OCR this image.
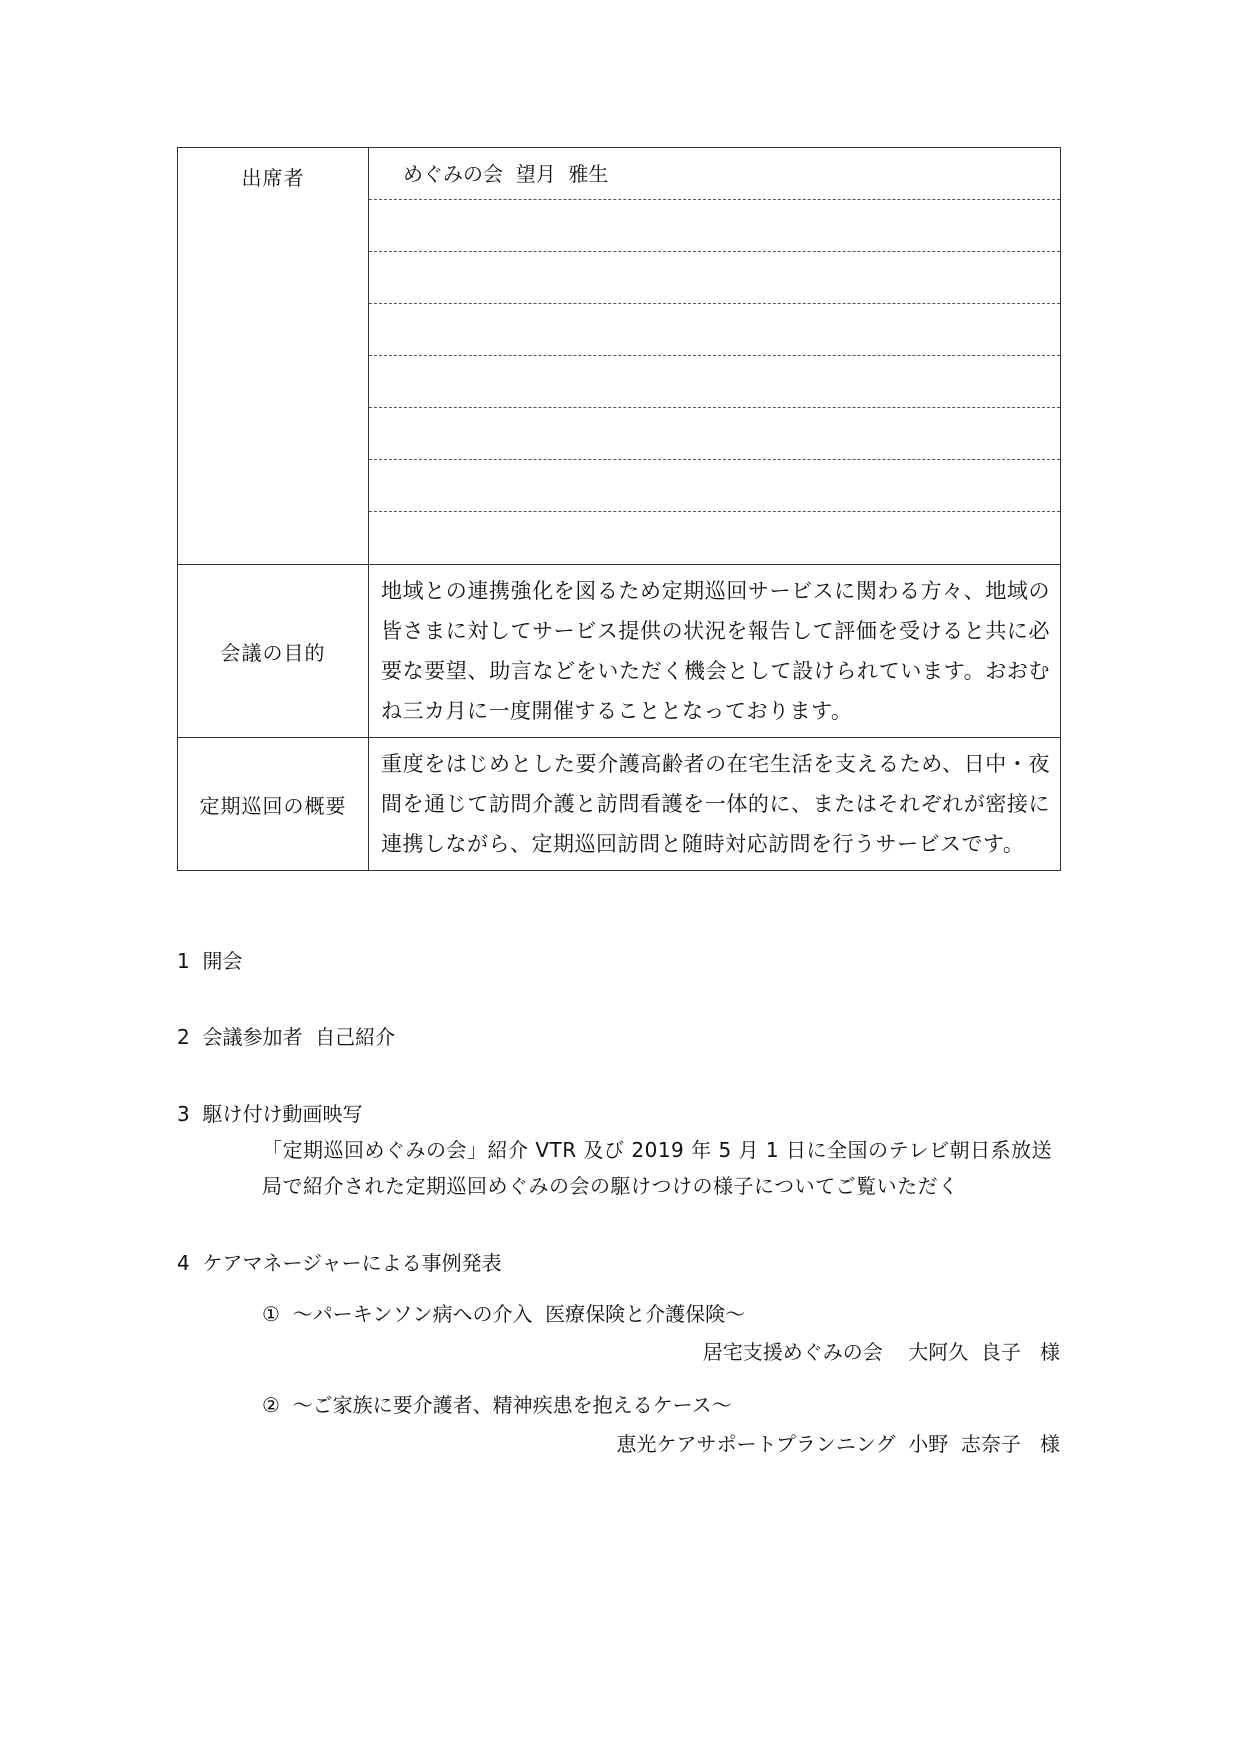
出席者	めぐみの会  望月  雅生

会議の目的	地域との連携強化を図るため定期巡回サービスに関わる方々、地域の皆さまに対してサービス提供の状況を報告して評価を受けると共に必要な要望、助言などをいただく機会として設けられています。おおむね三カ月に一度開催することとなっております。

定期巡回の概要	重度をはじめとした要介護高齢者の在宅生活を支えるため、日中・夜間を通じて訪問介護と訪問看護を一体的に、またはそれぞれが密接に連携しながら、定期巡回訪問と随時対応訪問を行うサービスです。
1  開会
2  会議参加者  自己紹介
3  駆け付け動画映写
「定期巡回めぐみの会」紹介 VTR 及び 2019 年 5 月 1 日に全国のテレビ朝日系放送局で紹介された定期巡回めぐみの会の駆けつけの様子についてご覧いただく
4  ケアマネージャーによる事例発表
①  ～パーキンソン病への介入  医療保険と介護保険～
居宅支援めぐみの会    大阿久  良子   様
②  ～ご家族に要介護者、精神疾患を抱えるケース～
恵光ケアサポートプランニング  小野  志奈子   様
